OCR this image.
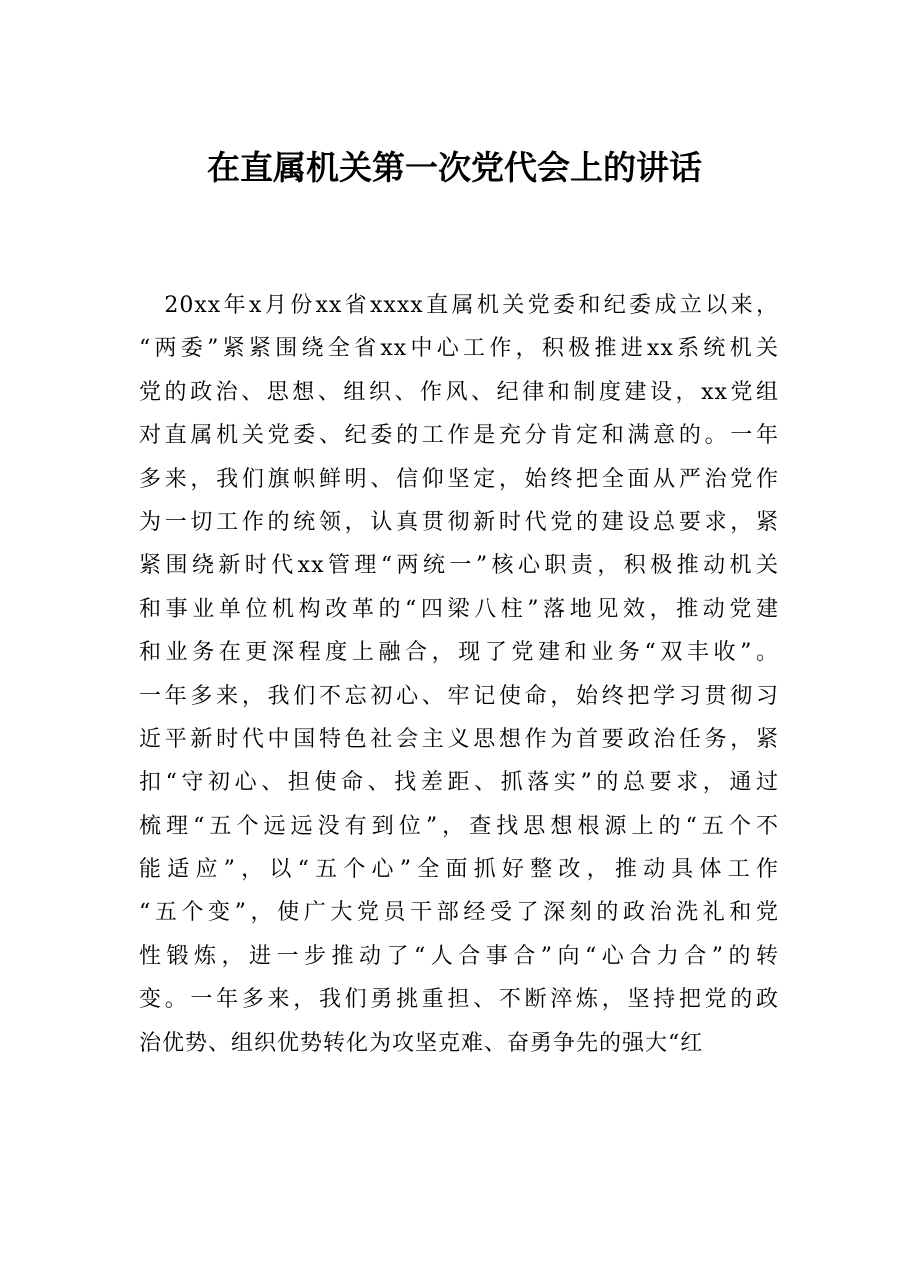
在直属机关第一次党代会上的讲话
　20xx年x月份xx省xxxx直属机关党委和纪委成立以来，
“两委”紧紧围绕全省xx中心工作，积极推进xx系统机关
党的政治、思想、组织、作风、纪律和制度建设，xx党组
对直属机关党委、纪委的工作是充分肯定和满意的。一年
多来，我们旗帜鲜明、信仰坚定，始终把全面从严治党作
为一切工作的统领，认真贯彻新时代党的建设总要求，紧
紧围绕新时代xx管理“两统一”核心职责，积极推动机关
和事业单位机构改革的“四梁八柱”落地见效，推动党建
和业务在更深程度上融合，现了党建和业务“双丰收”。
一年多来，我们不忘初心、牢记使命，始终把学习贯彻习
近平新时代中国特色社会主义思想作为首要政治任务，紧
扣“守初心、担使命、找差距、抓落实”的总要求，通过
梳理“五个远远没有到位”，查找思想根源上的“五个不
能适应”，以“五个心”全面抓好整改，推动具体工作
“五个变”，使广大党员干部经受了深刻的政治洗礼和党
性锻炼，进一步推动了“人合事合”向“心合力合”的转
变。一年多来，我们勇挑重担、不断淬炼，坚持把党的政
治优势、组织优势转化为攻坚克难、奋勇争先的强大“红
